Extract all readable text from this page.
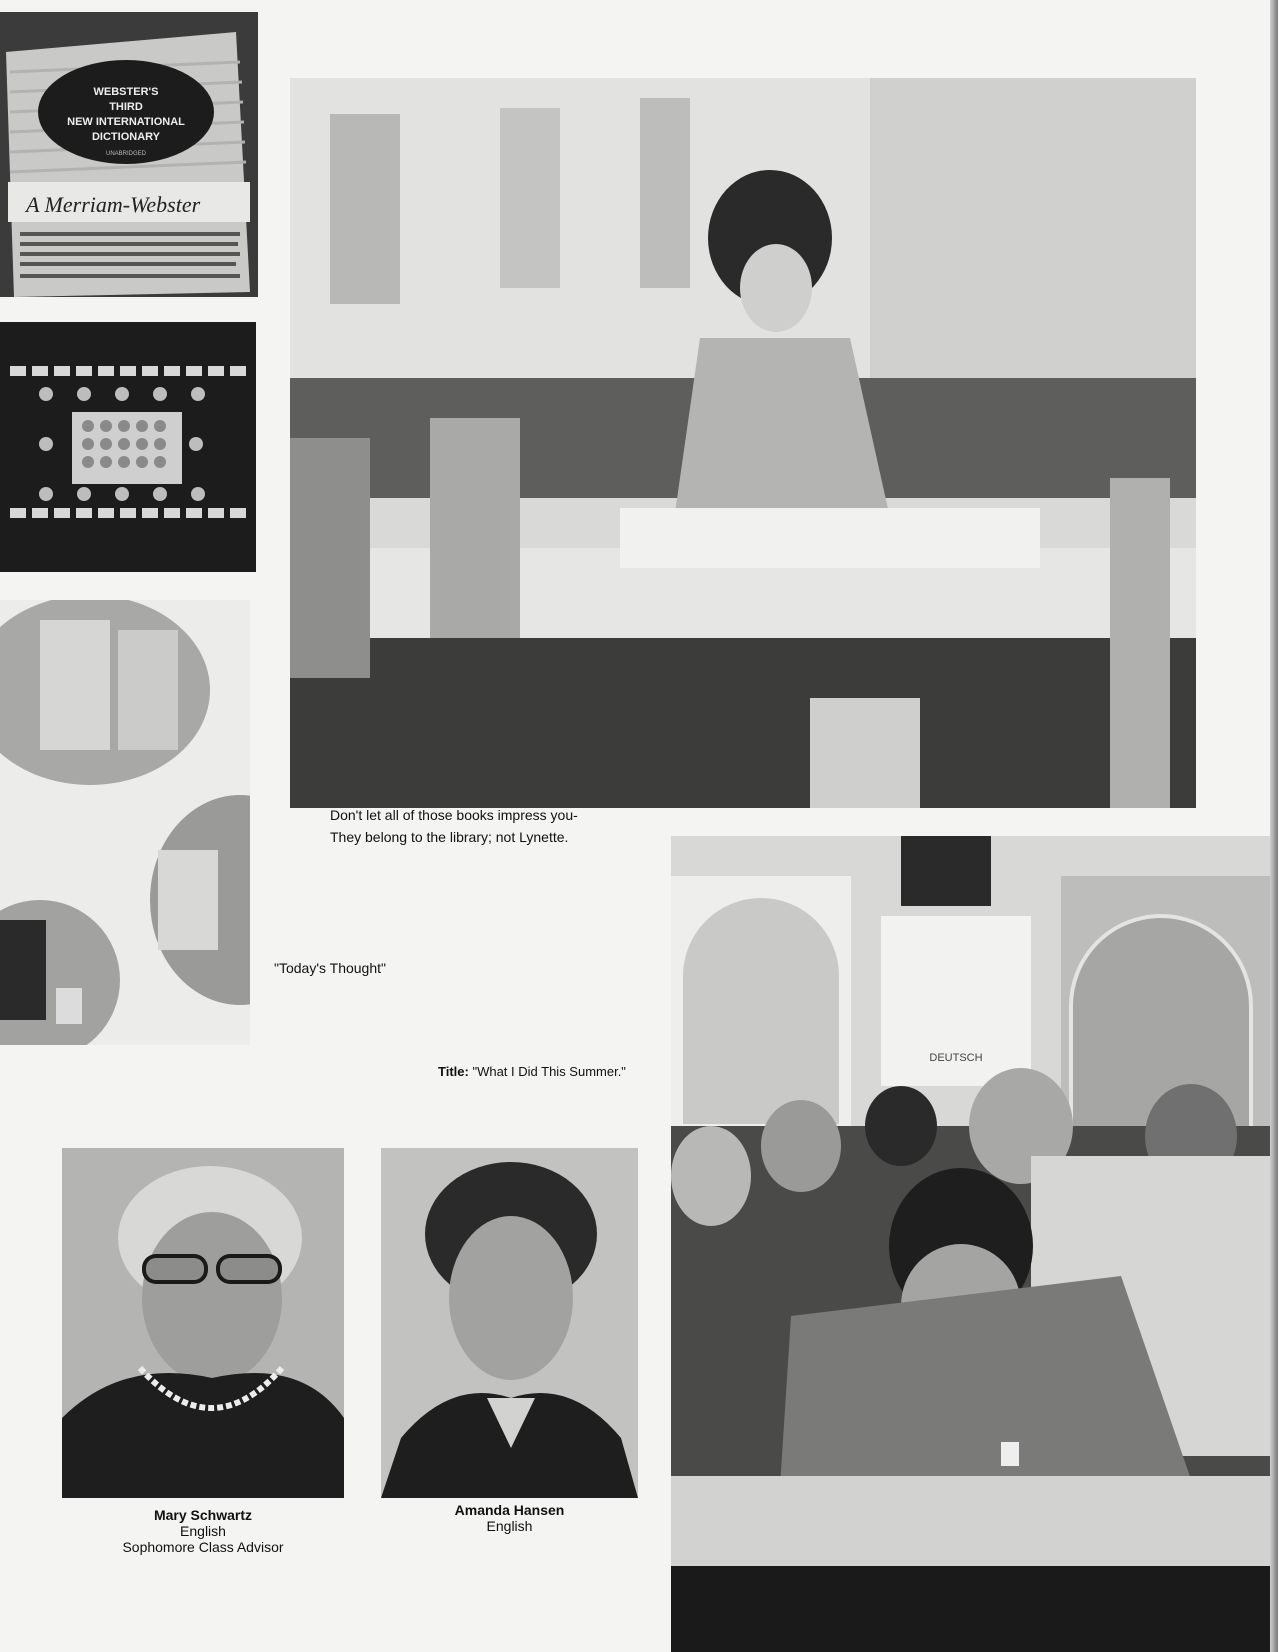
WEBSTER'S
THIRD
NEW INTERNATIONAL
DICTIONARY
UNABRIDGED
A Merriam-Webster
Don't let all of those books impress you-
They belong to the library; not Lynette.
"Today's Thought"
Title: "What I Did This Summer."
DEUTSCH
Mary Schwartz
English
Sophomore Class Advisor
Amanda Hansen
English
